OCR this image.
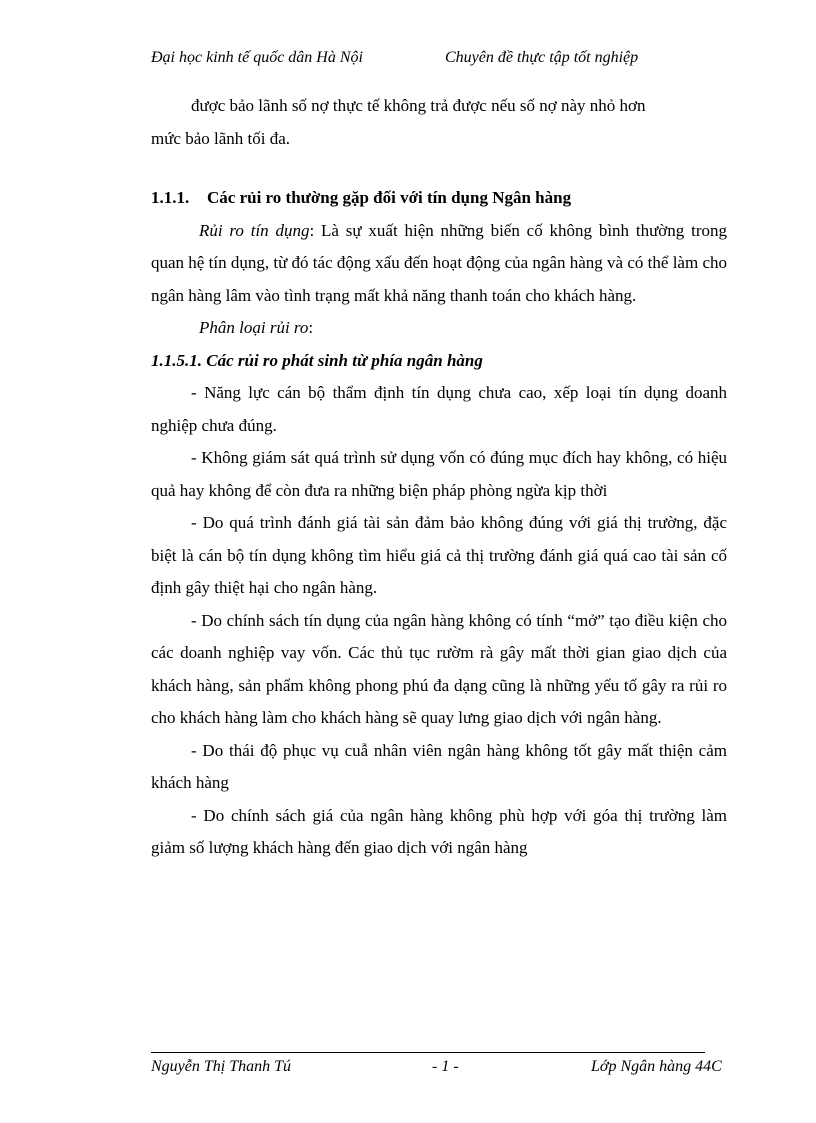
Đại học kinh tế quốc dân Hà Nội	Chuyên đề thực tập tốt nghiệp

được bảo lãnh số nợ thực tế không trả được nếu số nợ này nhỏ hơn
mức bảo lãnh tối đa.

1.1.1. Các rủi ro thường gặp đối với tín dụng Ngân hàng

Rủi ro tín dụng: Là sự xuất hiện những biến cố không bình thường trong quan hệ tín dụng, từ đó tác động xấu đến hoạt động của ngân hàng và có thể làm cho ngân hàng lâm vào tình trạng mất khả năng thanh toán cho khách hàng.

Phân loại rủi ro:

1.1.5.1. Các rủi ro phát sinh từ phía ngân hàng

- Năng lực cán bộ thẩm định tín dụng chưa cao, xếp loại tín dụng doanh nghiệp chưa đúng.

- Không giám sát quá trình sử dụng vốn có đúng mục đích hay không, có hiệu quả hay không để còn đưa ra những biện pháp phòng ngừa kịp thời

- Do quá trình đánh giá tài sản đảm bảo không đúng với giá thị trường, đặc biệt là cán bộ tín dụng không tìm hiểu giá cả thị trường đánh giá quá cao tài sản cố định gây thiệt hại cho ngân hàng.

- Do chính sách tín dụng của ngân hàng không có tính “mở” tạo điều kiện cho các doanh nghiệp vay vốn. Các thủ tục rườm rà gây mất thời gian giao dịch của khách hàng, sản phẩm không phong phú đa dạng cũng là những yếu tố gây ra rủi ro cho khách hàng làm cho khách hàng sẽ quay lưng giao dịch với ngân hàng.

- Do thái độ phục vụ cuẫ nhân viên ngân hàng không tốt gây mất thiện cảm khách hàng

- Do chính sách giá của ngân hàng không phù hợp với góa thị trường làm giảm số lượng khách hàng đến giao dịch với ngân hàng

Nguyễn Thị Thanh Tú	- 1 -	Lớp Ngân hàng 44C
